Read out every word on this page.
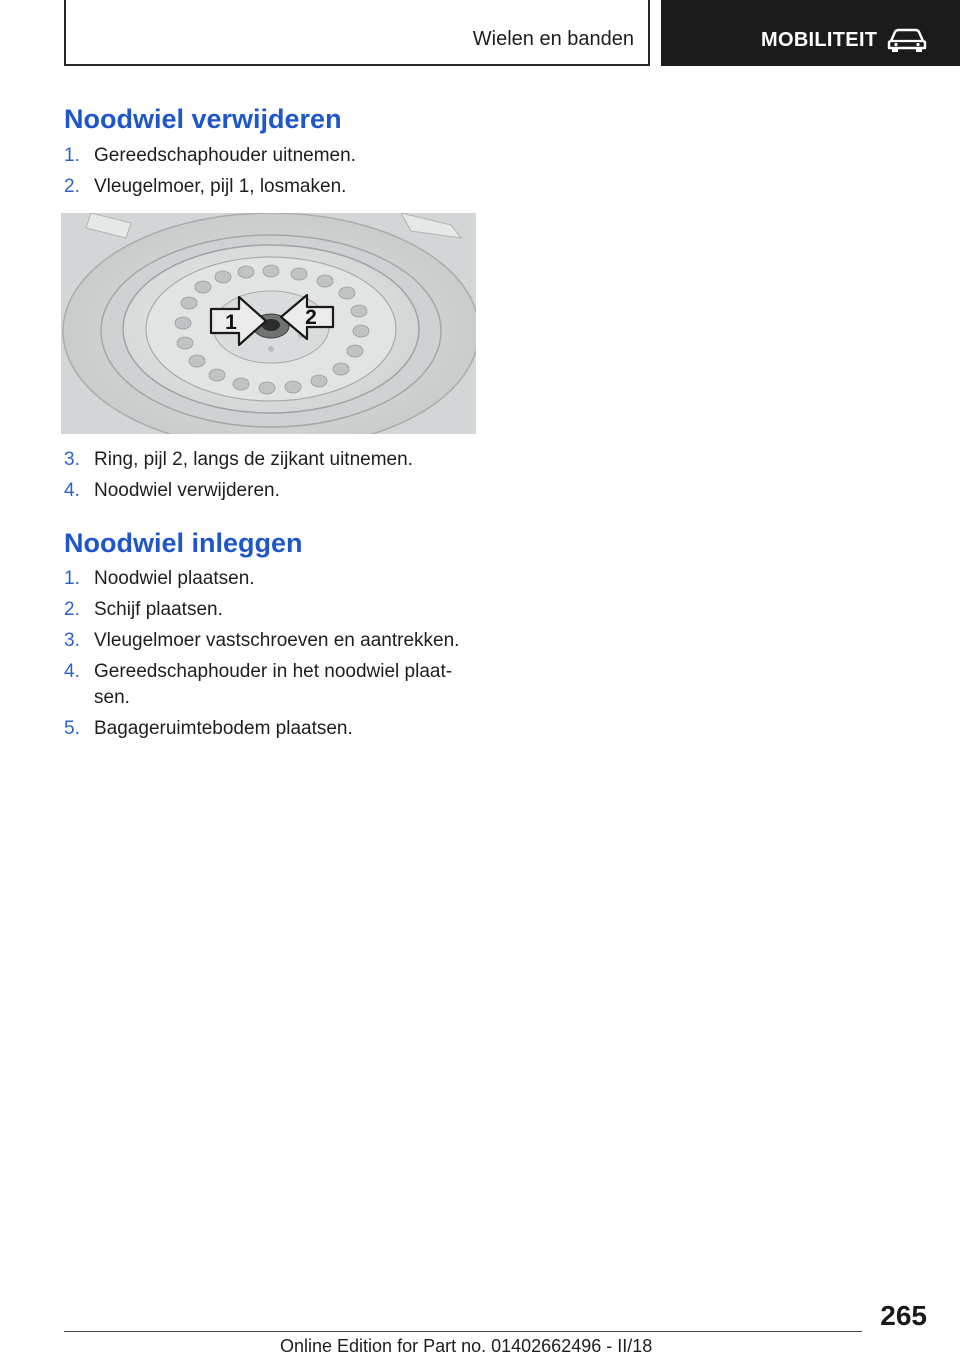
Wielen en banden	MOBILITEIT
Noodwiel verwijderen
1. Gereedschaphouder uitnemen.
2. Vleugelmoer, pijl 1, losmaken.
1	2
3. Ring, pijl 2, langs de zijkant uitnemen.
4. Noodwiel verwijderen.
Noodwiel inleggen
1. Noodwiel plaatsen.
2. Schijf plaatsen.
3. Vleugelmoer vastschroeven en aantrekken.
4. Gereedschaphouder in het noodwiel plaat‐ sen.
5. Bagageruimtebodem plaatsen.
265
Online Edition for Part no. 01402662496 - II/18
